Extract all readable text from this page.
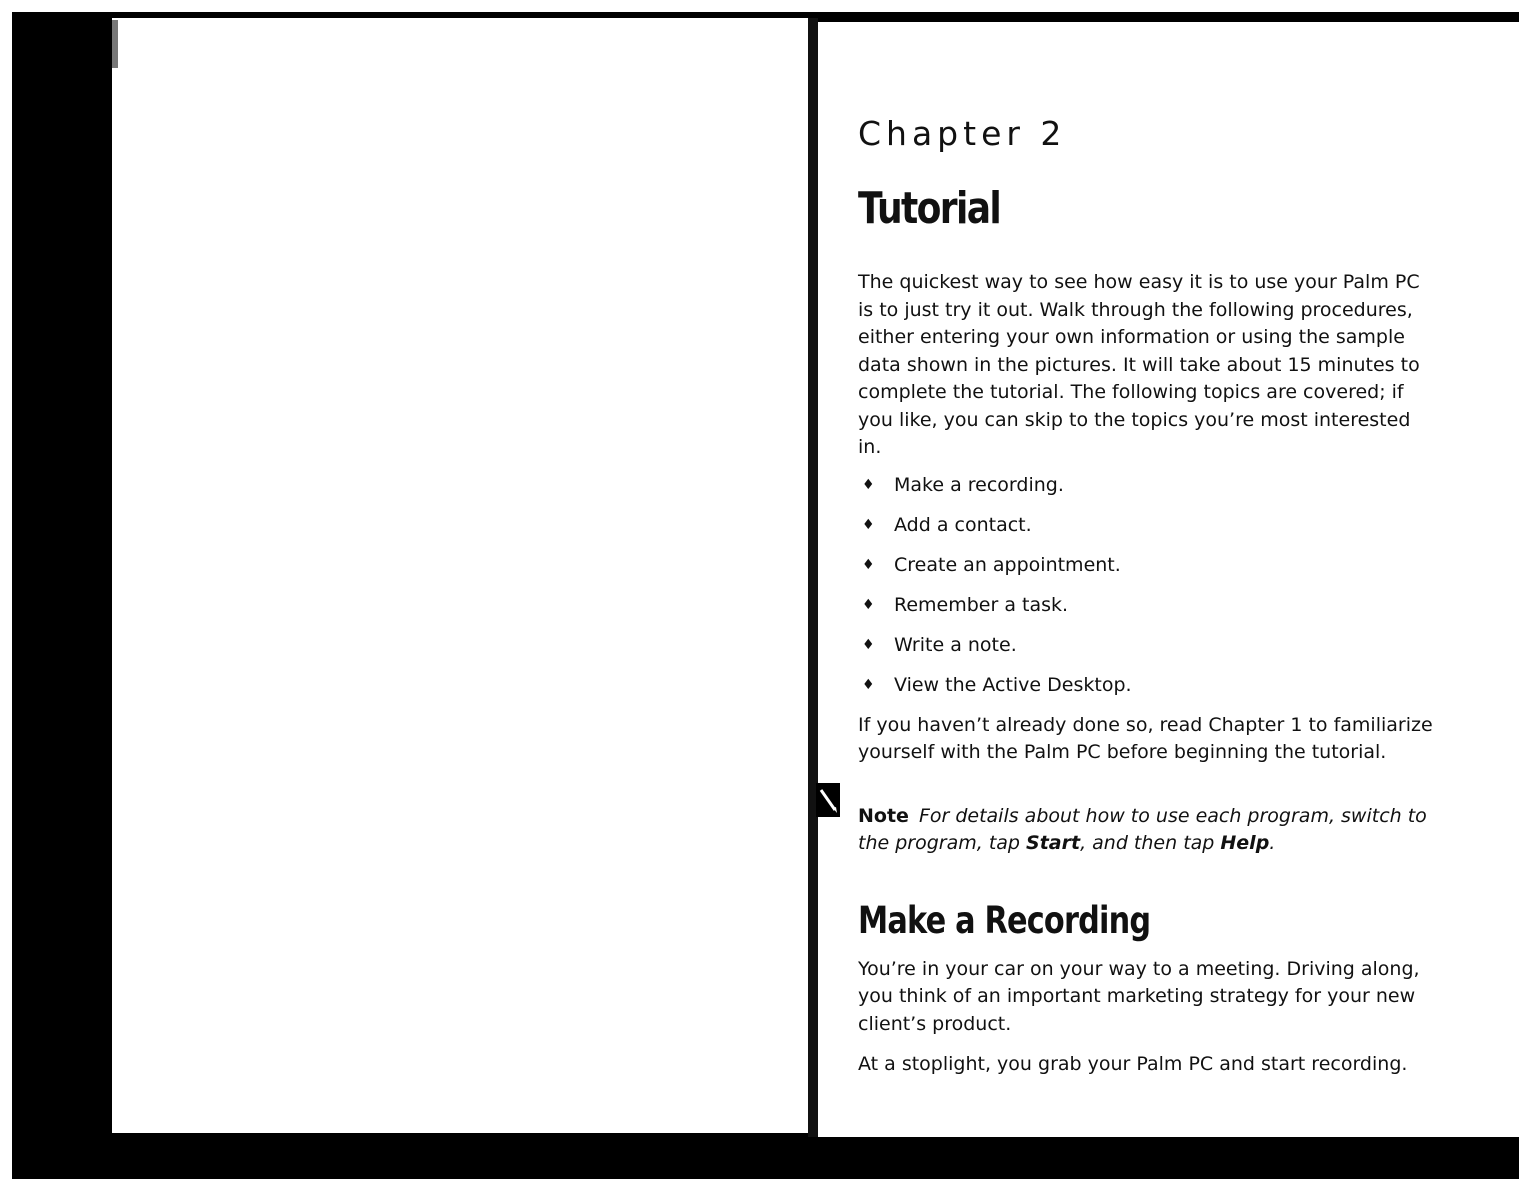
Chapter 2
Tutorial

The quickest way to see how easy it is to use your Palm PC is to just try it out. Walk through the following procedures, either entering your own information or using the sample data shown in the pictures. It will take about 15 minutes to complete the tutorial. The following topics are covered; if you like, you can skip to the topics you’re most interested in.

♦ Make a recording.
♦ Add a contact.
♦ Create an appointment.
♦ Remember a task.
♦ Write a note.
♦ View the Active Desktop.

If you haven’t already done so, read Chapter 1 to familiarize yourself with the Palm PC before beginning the tutorial.

Note For details about how to use each program, switch to the program, tap Start, and then tap Help.
Make a Recording

You’re in your car on your way to a meeting. Driving along, you think of an important marketing strategy for your new client’s product.

At a stoplight, you grab your Palm PC and start recording.
